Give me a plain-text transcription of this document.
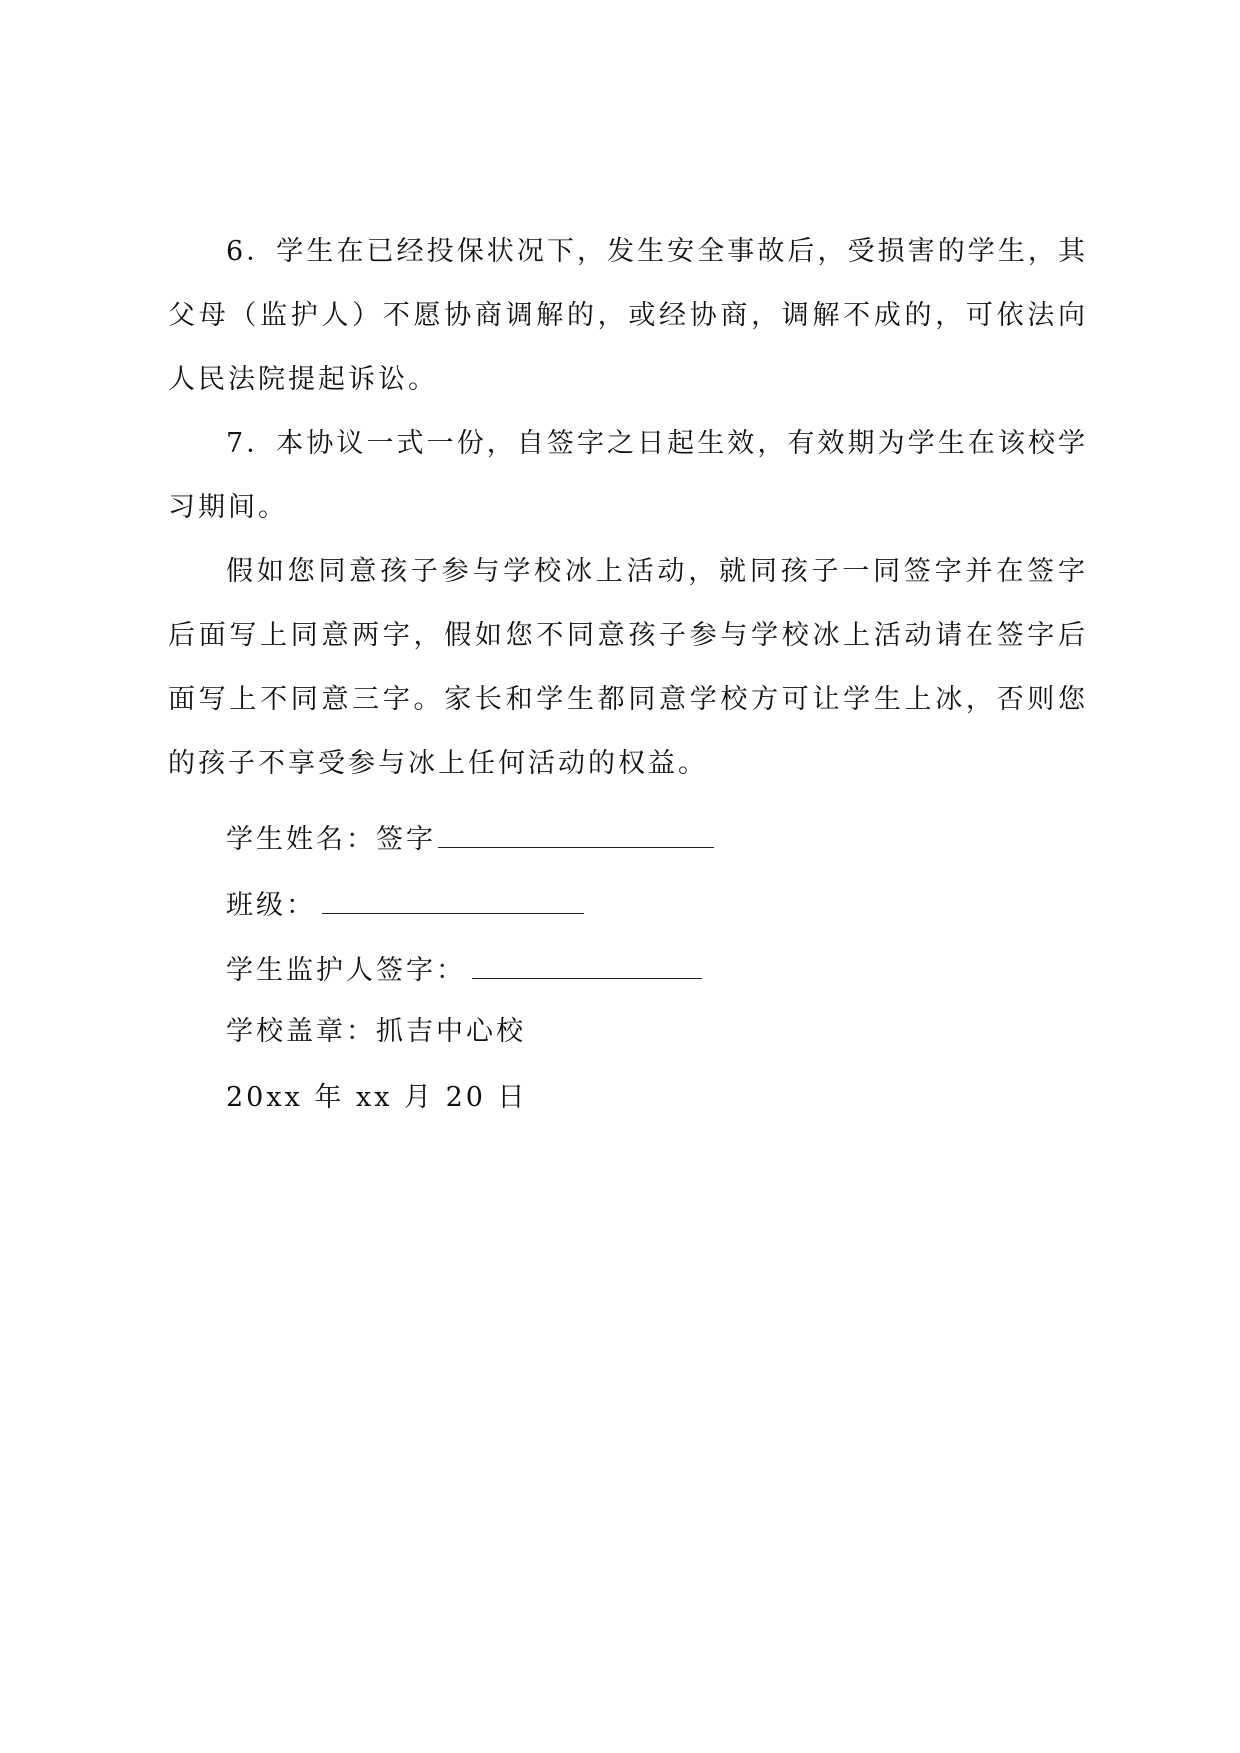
6．学生在已经投保状况下，发生安全事故后，受损害的学生，其父母（监护人）不愿协商调解的，或经协商，调解不成的，可依法向人民法院提起诉讼。

7．本协议一式一份，自签字之日起生效，有效期为学生在该校学习期间。

假如您同意孩子参与学校冰上活动，就同孩子一同签字并在签字后面写上同意两字，假如您不同意孩子参与学校冰上活动请在签字后面写上不同意三字。家长和学生都同意学校方可让学生上冰，否则您的孩子不享受参与冰上任何活动的权益。

学生姓名：签字
班级：
学生监护人签字：
学校盖章：抓吉中心校
20xx 年 xx 月 20 日
